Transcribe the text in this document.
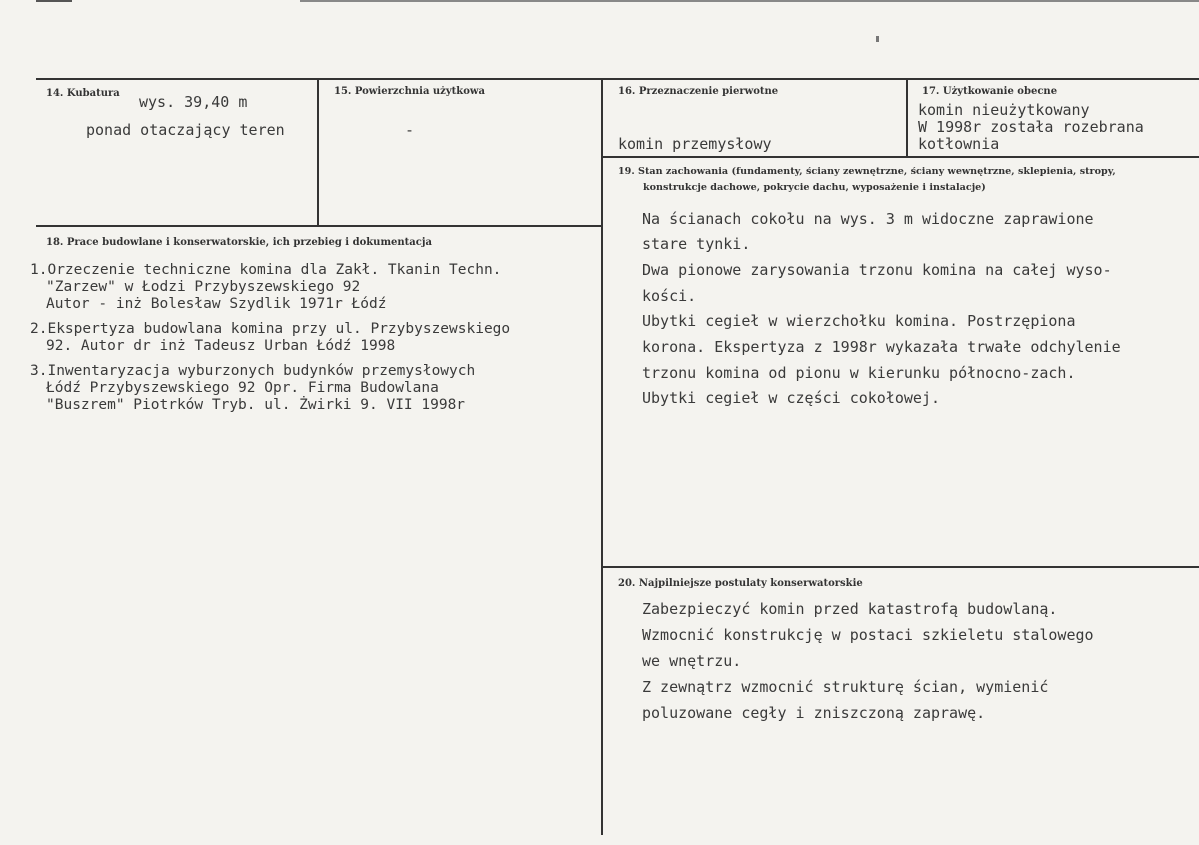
14. Kubatura wys. 39,40 m
ponad otaczający teren
15. Powierzchnia użytkowa
-
16. Przeznaczenie pierwotne
komin przemysłowy
17. Użytkowanie obecne
komin nieużytkowany
W 1998r została rozebrana
kotłownia
18. Prace budowlane i konserwatorskie, ich przebieg i dokumentacja
1.Orzeczenie techniczne komina dla Zakł. Tkanin Techn.
"Zarzew" w Łodzi Przybyszewskiego 92
Autor - inż Bolesław Szydlik 1971r Łódź
2.Ekspertyza budowlana komina przy ul. Przybyszewskiego
92. Autor dr inż Tadeusz Urban Łódź 1998
3.Inwentaryzacja wyburzonych budynków przemysłowych
Łódź Przybyszewskiego 92 Opr. Firma Budowlana
"Buszrem" Piotrków Tryb. ul. Żwirki 9. VII 1998r
19. Stan zachowania (fundamenty, ściany zewnętrzne, ściany wewnętrzne, sklepienia, stropy,
konstrukcje dachowe, pokrycie dachu, wyposażenie i instalacje)
Na ścianach cokołu na wys. 3 m widoczne zaprawione
stare tynki.
Dwa pionowe zarysowania trzonu komina na całej wyso-
kości.
Ubytki cegieł w wierzchołku komina. Postrzępiona
korona. Ekspertyza z 1998r wykazała trwałe odchylenie
trzonu komina od pionu w kierunku północno-zach.
Ubytki cegieł w części cokołowej.
20. Najpilniejsze postulaty konserwatorskie
Zabezpieczyć komin przed katastrofą budowlaną.
Wzmocnić konstrukcję w postaci szkieletu stalowego
we wnętrzu.
Z zewnątrz wzmocnić strukturę ścian, wymienić
poluzowane cegły i zniszczoną zaprawę.
